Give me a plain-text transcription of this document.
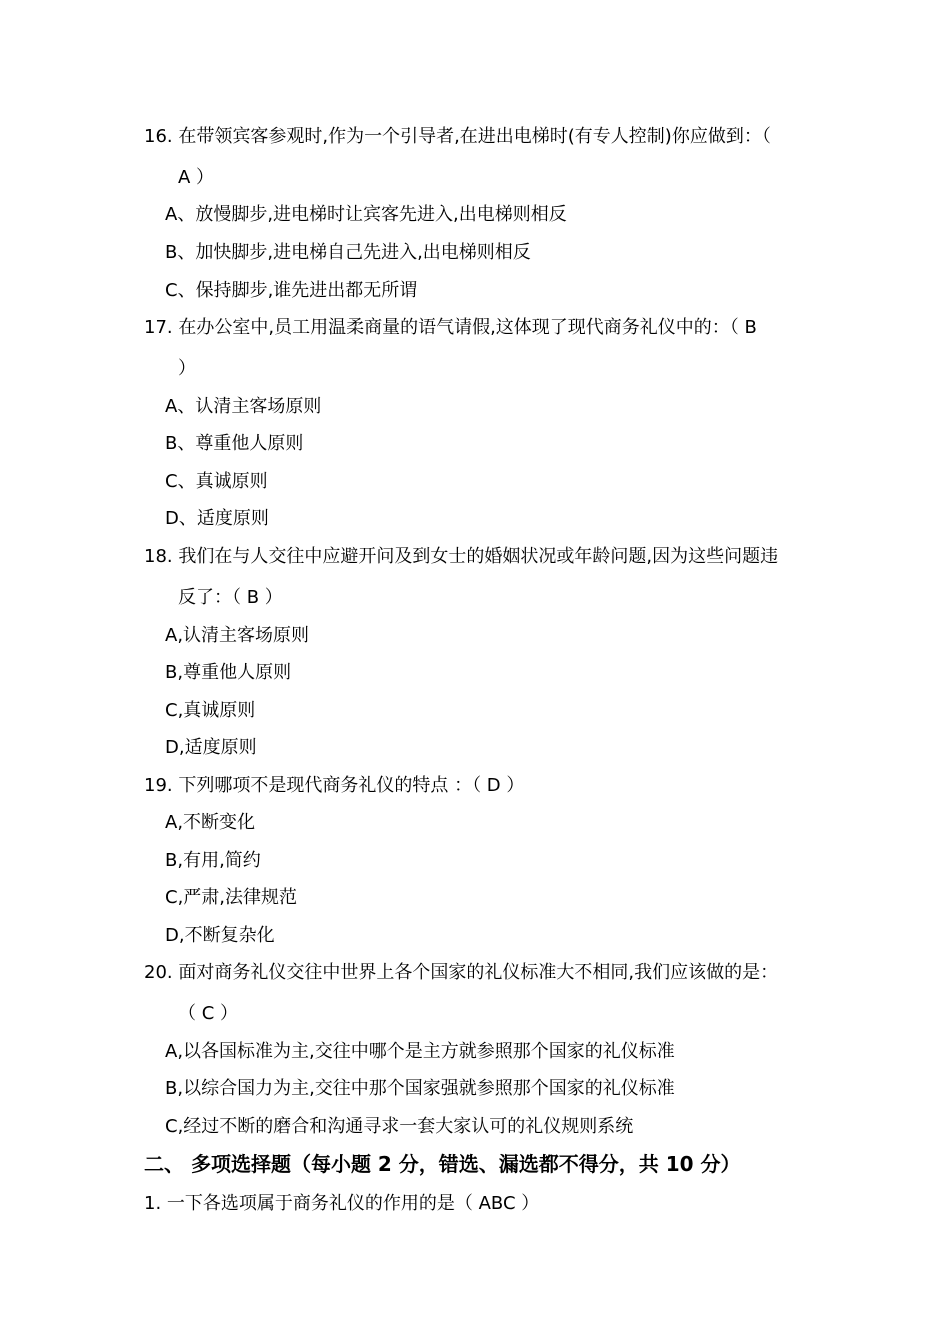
16. 在带领宾客参观时,作为一个引导者,在进出电梯时(有专人控制)你应做到：（
A ）
A、放慢脚步,进电梯时让宾客先进入,出电梯则相反
B、加快脚步,进电梯自己先进入,出电梯则相反
C、保持脚步,谁先进出都无所谓
17. 在办公室中,员工用温柔商量的语气请假,这体现了现代商务礼仪中的：（ B
）
A、认清主客场原则
B、尊重他人原则
C、真诚原则
D、适度原则
18. 我们在与人交往中应避开问及到女士的婚姻状况或年龄问题,因为这些问题违
反了：（ B ）
A,认清主客场原则
B,尊重他人原则
C,真诚原则
D,适度原则
19. 下列哪项不是现代商务礼仪的特点 ：（ D ）
A,不断变化
B,有用,简约
C,严肃,法律规范
D,不断复杂化
20. 面对商务礼仪交往中世界上各个国家的礼仪标准大不相同,我们应该做的是：
（ C ）
A,以各国标准为主,交往中哪个是主方就参照那个国家的礼仪标准
B,以综合国力为主,交往中那个国家强就参照那个国家的礼仪标准
C,经过不断的磨合和沟通寻求一套大家认可的礼仪规则系统
二、 多项选择题（每小题 2 分，错选、漏选都不得分，共 10 分）
1. 一下各选项属于商务礼仪的作用的是（ ABC ）
